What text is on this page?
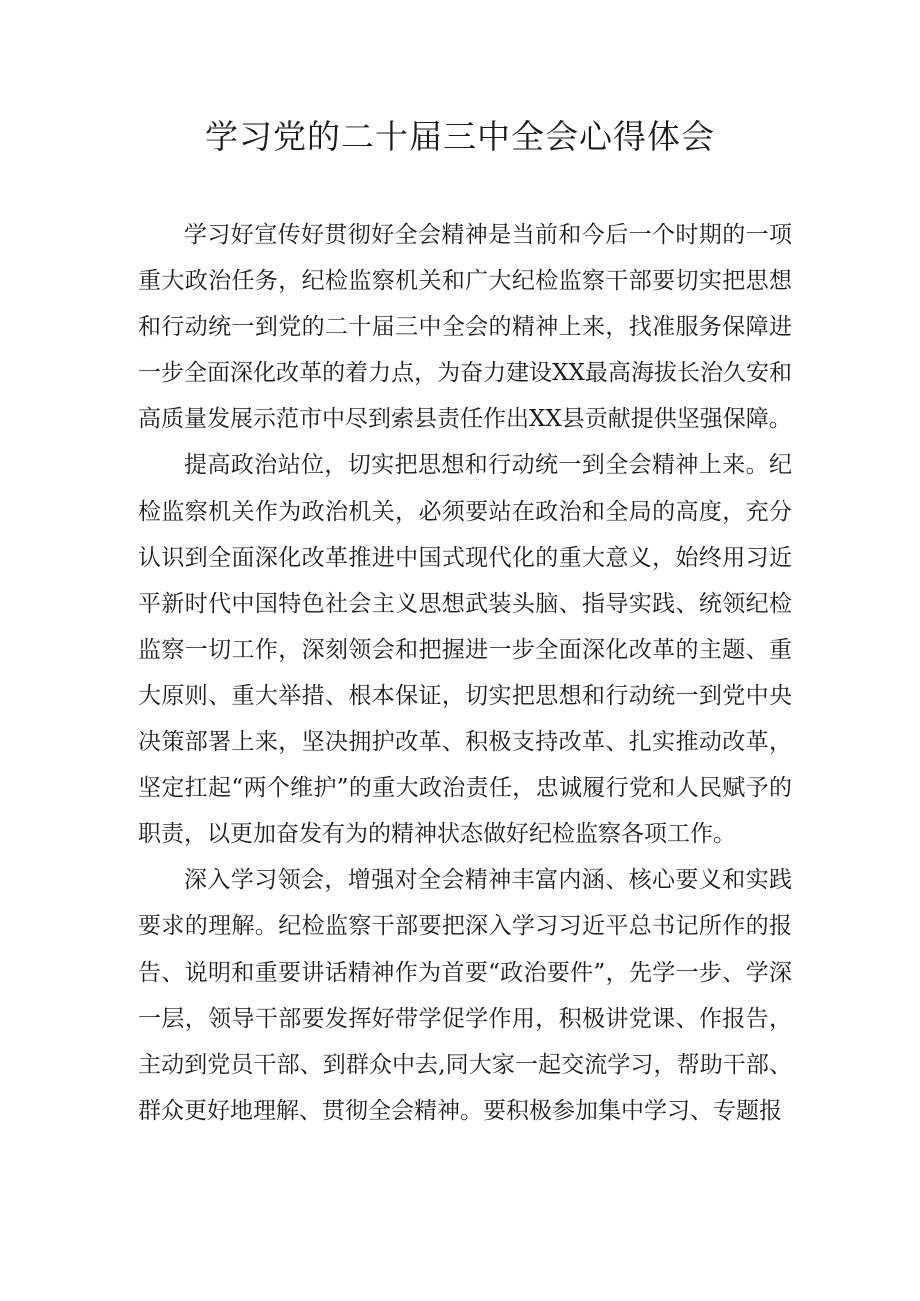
学习党的二十届三中全会心得体会

学习好宣传好贯彻好全会精神是当前和今后一个时期的一项重大政治任务，纪检监察机关和广大纪检监察干部要切实把思想和行动统一到党的二十届三中全会的精神上来，找准服务保障进一步全面深化改革的着力点，为奋力建设XX最高海拔长治久安和高质量发展示范市中尽到索县责任作出XX县贡献提供坚强保障。

提高政治站位，切实把思想和行动统一到全会精神上来。纪检监察机关作为政治机关，必须要站在政治和全局的高度，充分认识到全面深化改革推进中国式现代化的重大意义，始终用习近平新时代中国特色社会主义思想武装头脑、指导实践、统领纪检监察一切工作，深刻领会和把握进一步全面深化改革的主题、重大原则、重大举措、根本保证，切实把思想和行动统一到党中央决策部署上来，坚决拥护改革、积极支持改革、扎实推动改革，坚定扛起“两个维护”的重大政治责任，忠诚履行党和人民赋予的职责，以更加奋发有为的精神状态做好纪检监察各项工作。

深入学习领会，增强对全会精神丰富内涵、核心要义和实践要求的理解。纪检监察干部要把深入学习习近平总书记所作的报告、说明和重要讲话精神作为首要“政治要件”，先学一步、学深一层，领导干部要发挥好带学促学作用，积极讲党课、作报告，主动到党员干部、到群众中去,同大家一起交流学习，帮助干部、群众更好地理解、贯彻全会精神。要积极参加集中学习、专题报
